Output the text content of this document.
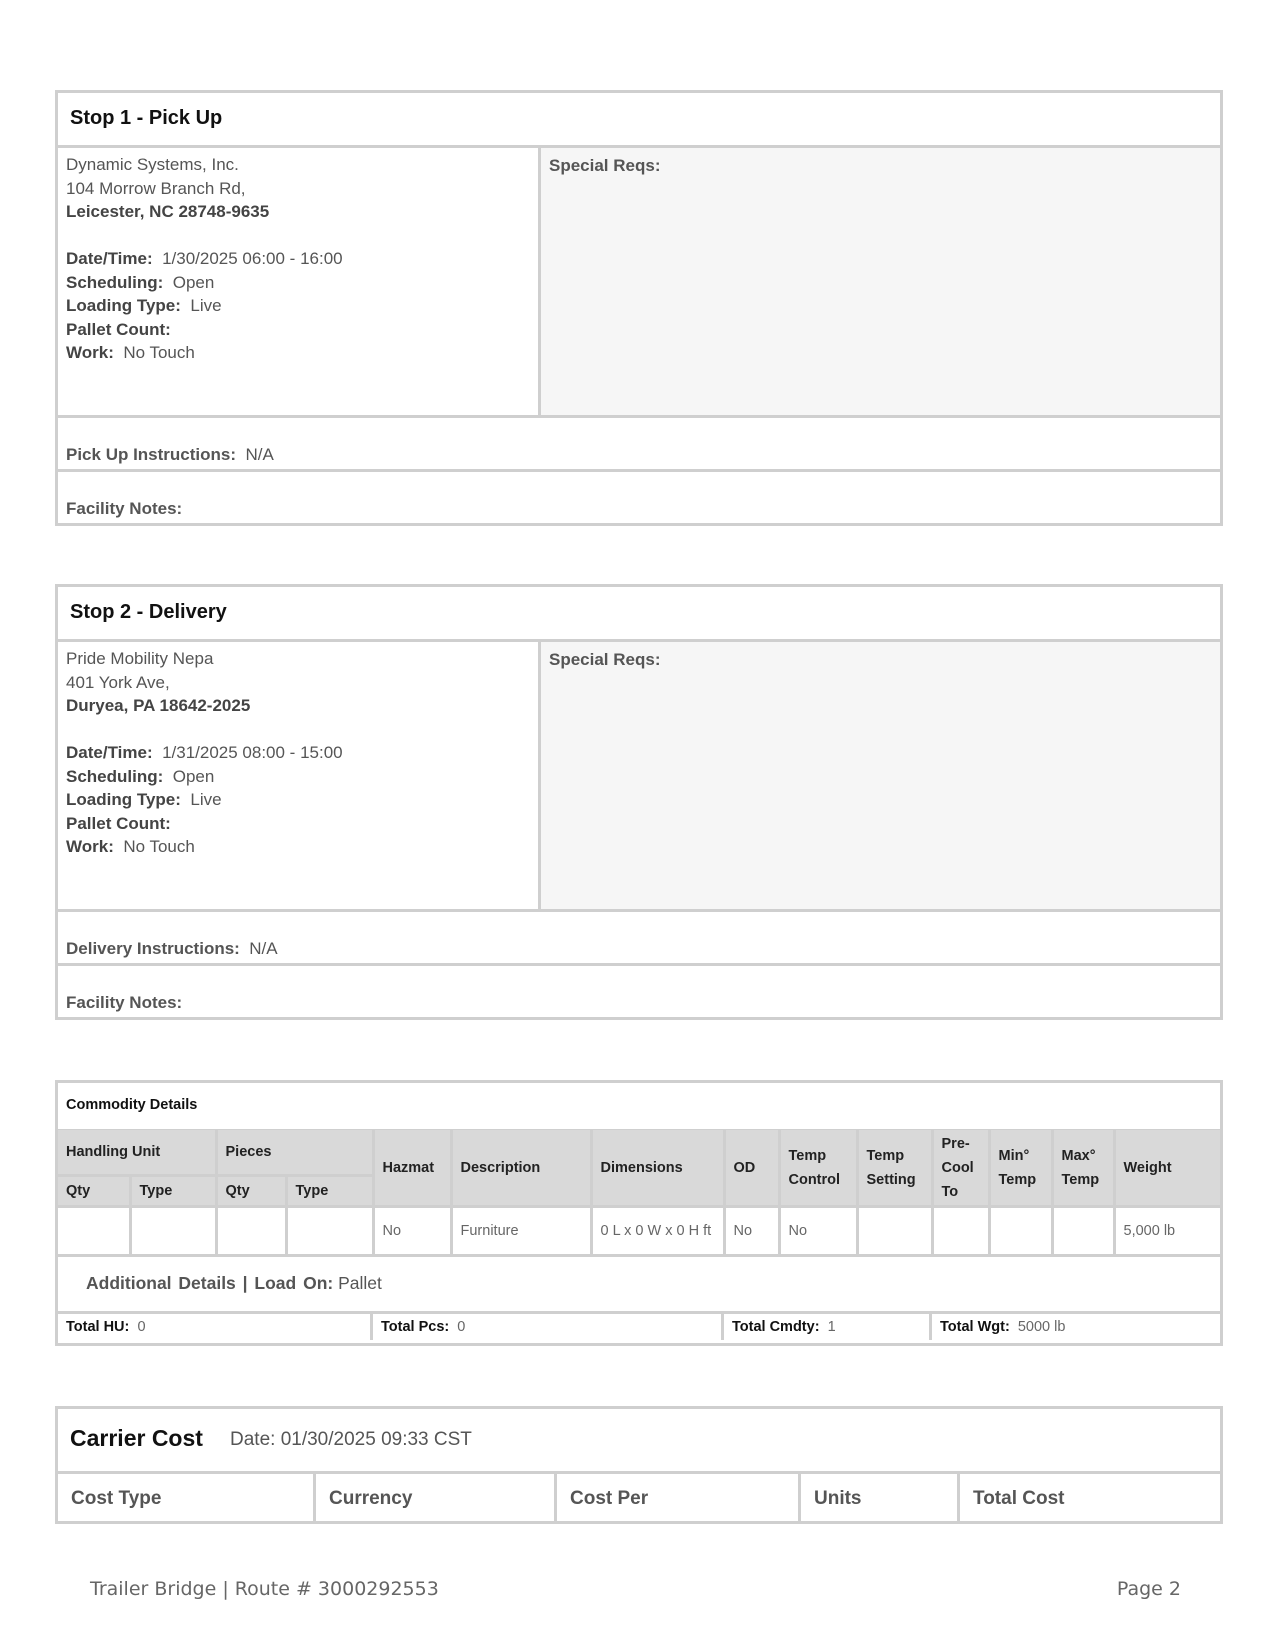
Stop 1 - Pick Up
Dynamic Systems, Inc.
104 Morrow Branch Rd,
Leicester, NC 28748-9635
Date/Time: 1/30/2025 06:00 - 16:00
Scheduling: Open
Loading Type: Live
Pallet Count:
Work: No Touch
Special Reqs:
Pick Up Instructions: N/A
Facility Notes:
Stop 2 - Delivery
Pride Mobility Nepa
401 York Ave,
Duryea, PA 18642-2025
Date/Time: 1/31/2025 08:00 - 15:00
Scheduling: Open
Loading Type: Live
Pallet Count:
Work: No Touch
Special Reqs:
Delivery Instructions: N/A
Facility Notes:
Commodity Details
Handling Unit		Pieces		Hazmat	Description	Dimensions	OD	Temp Control	Temp Setting	Pre-Cool To	Min° Temp	Max° Temp	Weight
Qty	Type	Qty	Type										
				No	Furniture	0 L x 0 W x 0 H ft	No	No					5,000 lb
Additional Details | Load On: Pallet
Total HU: 0	Total Pcs: 0	Total Cmdty: 1	Total Wgt: 5000 lb
Carrier Cost Date: 01/30/2025 09:33 CST
Cost Type	Currency	Cost Per	Units	Total Cost
Trailer Bridge | Route # 3000292553	Page 2
